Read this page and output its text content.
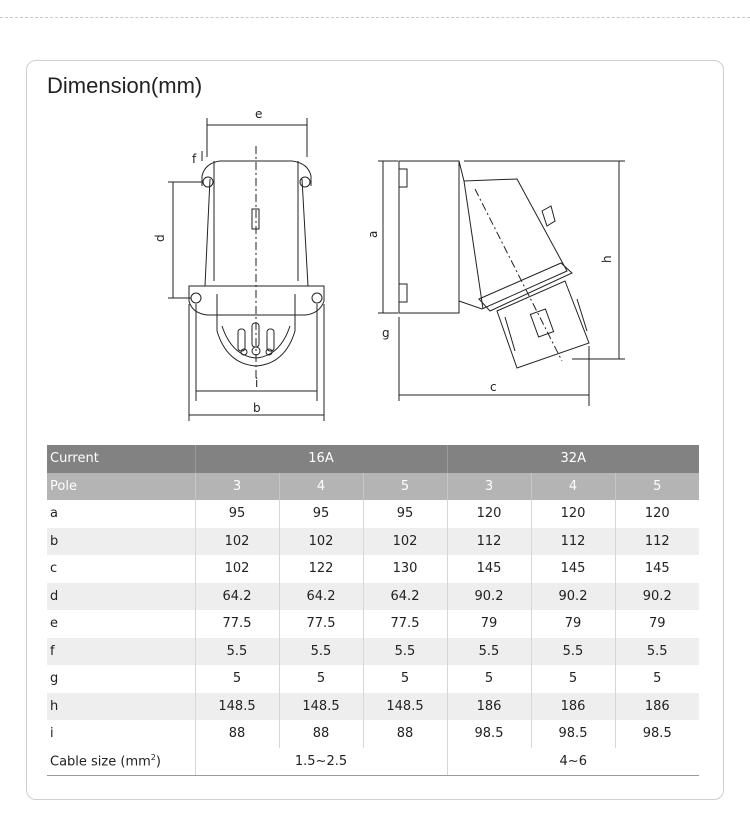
Dimension(mm)
e
f
d
i
b
a
g
c
h
Current	16A			32A		
Pole	3	4	5	3	4	5
a	95	95	95	120	120	120
b	102	102	102	112	112	112
c	102	122	130	145	145	145
d	64.2	64.2	64.2	90.2	90.2	90.2
e	77.5	77.5	77.5	79	79	79
f	5.5	5.5	5.5	5.5	5.5	5.5
g	5	5	5	5	5	5
h	148.5	148.5	148.5	186	186	186
i	88	88	88	98.5	98.5	98.5
Cable size $(mm^2)$	1.5~2.5			4~6		
